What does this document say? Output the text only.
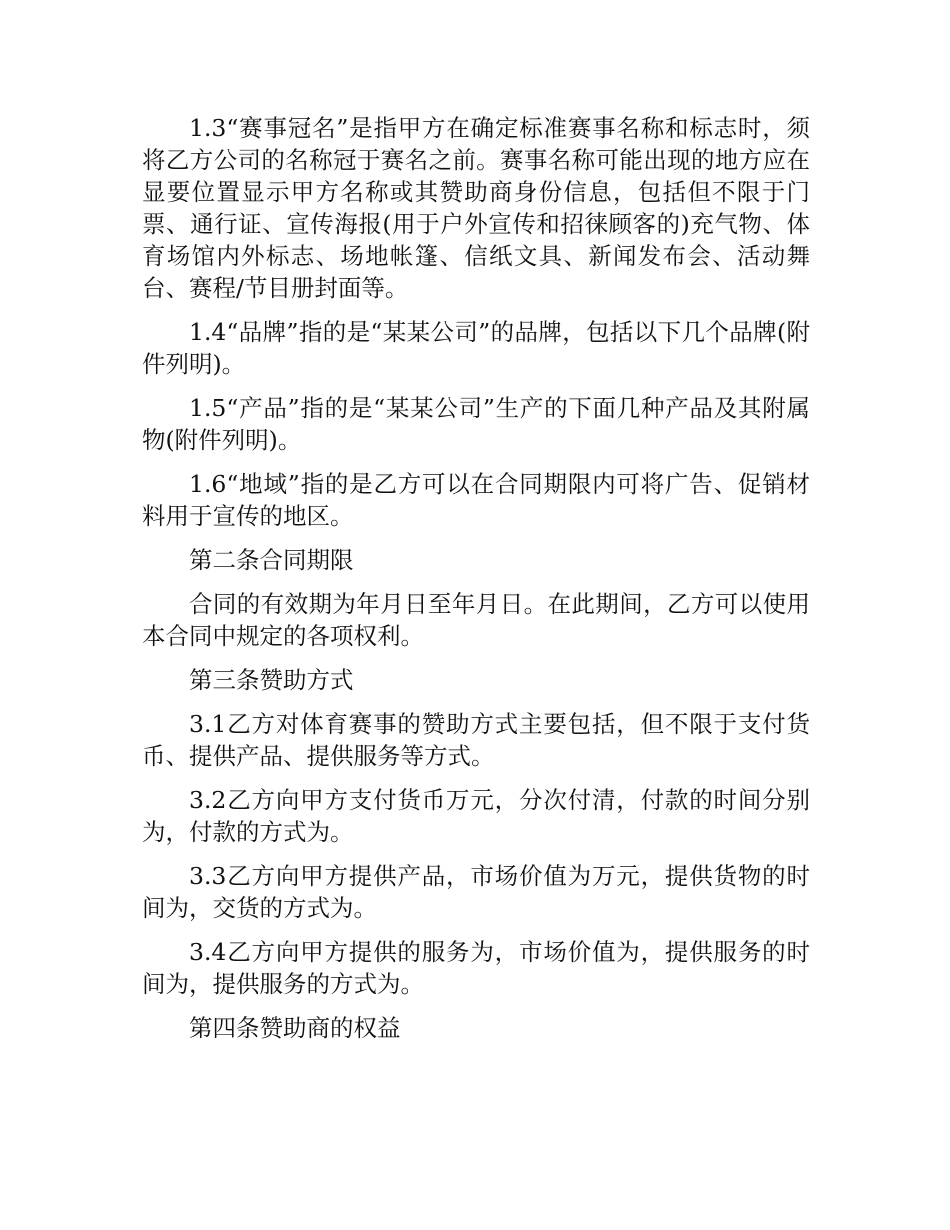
1.3“赛事冠名”是指甲方在确定标准赛事名称和标志时，须将乙方公司的名称冠于赛名之前。赛事名称可能出现的地方应在显要位置显示甲方名称或其赞助商身份信息，包括但不限于门票、通行证、宣传海报(用于户外宣传和招徕顾客的)充气物、体育场馆内外标志、场地帐篷、信纸文具、新闻发布会、活动舞台、赛程/节目册封面等。

1.4“品牌”指的是“某某公司”的品牌，包括以下几个品牌(附件列明)。

1.5“产品”指的是“某某公司”生产的下面几种产品及其附属物(附件列明)。

1.6“地域”指的是乙方可以在合同期限内可将广告、促销材料用于宣传的地区。

第二条合同期限

合同的有效期为年月日至年月日。在此期间，乙方可以使用本合同中规定的各项权利。

第三条赞助方式

3.1乙方对体育赛事的赞助方式主要包括，但不限于支付货币、提供产品、提供服务等方式。

3.2乙方向甲方支付货币万元，分次付清，付款的时间分别为，付款的方式为。

3.3乙方向甲方提供产品，市场价值为万元，提供货物的时间为，交货的方式为。

3.4乙方向甲方提供的服务为，市场价值为，提供服务的时间为，提供服务的方式为。

第四条赞助商的权益
